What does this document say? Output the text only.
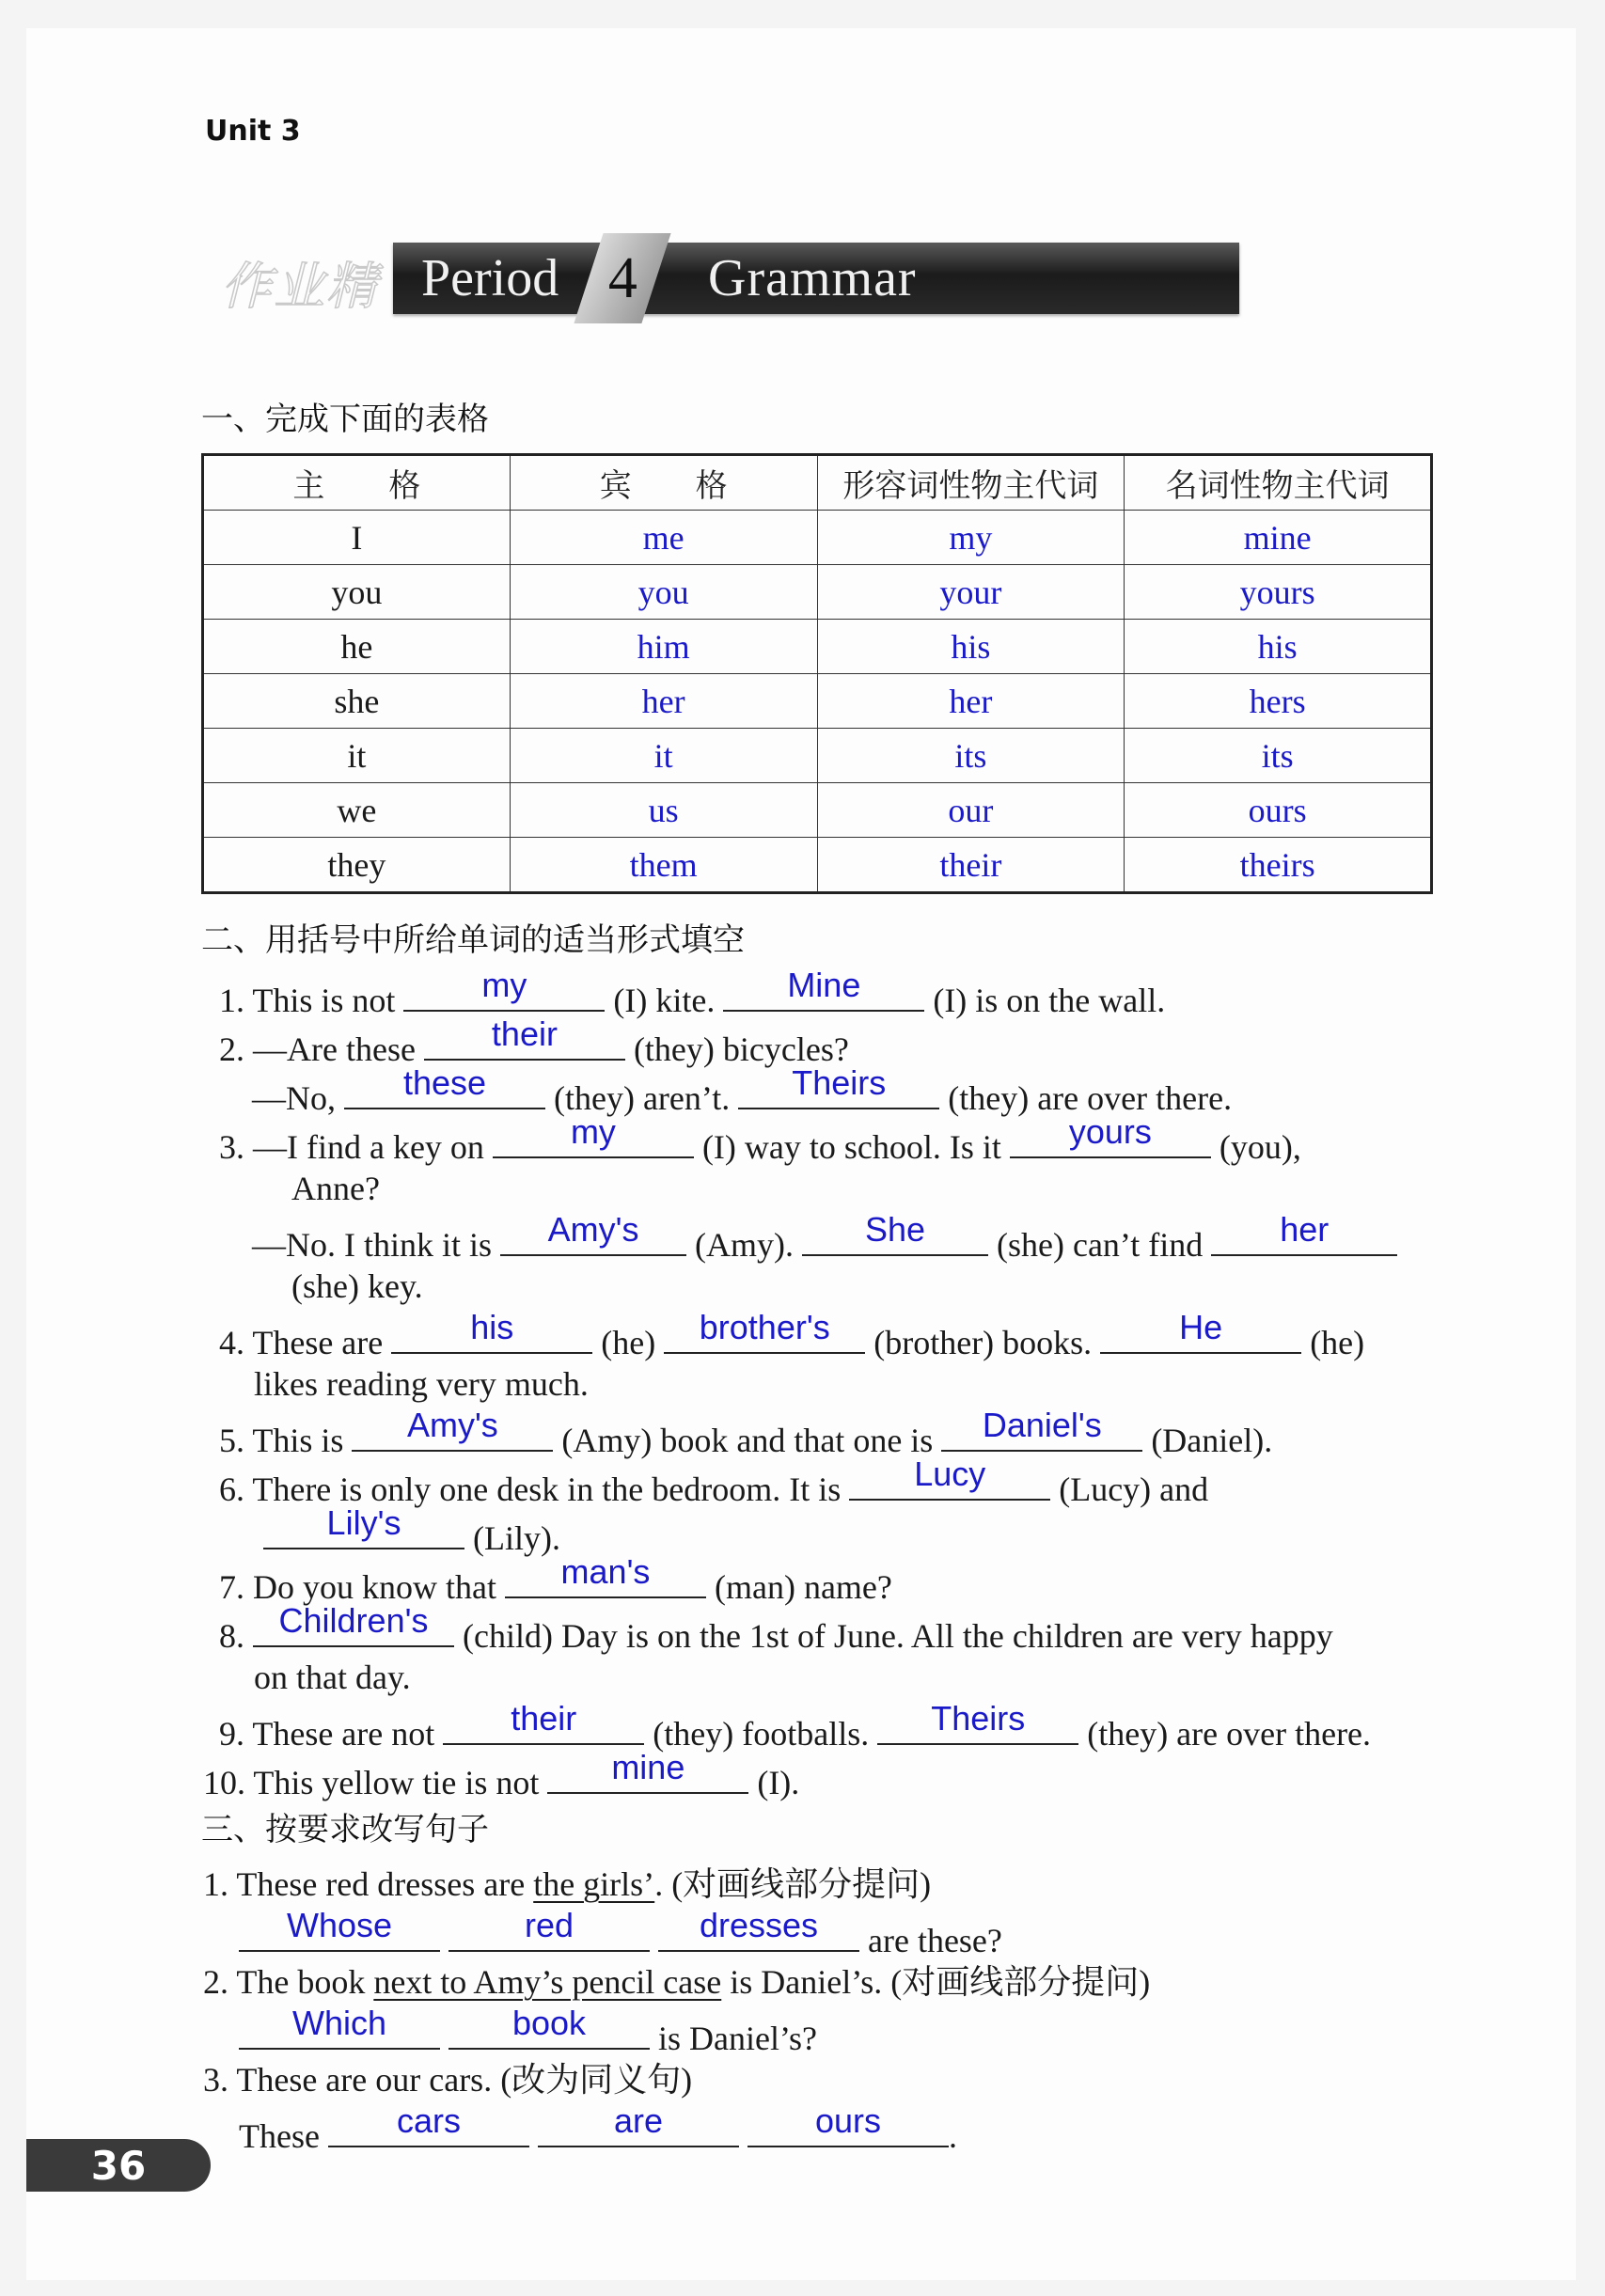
Unit 3
作业精 Period 4 Grammar
一、完成下面的表格
主　　格	宾　　格	形容词性物主代词	名词性物主代词
I	me	my	mine
you	you	your	yours
he	him	his	his
she	her	her	hers
it	it	its	its
we	us	our	ours
they	them	their	theirs
二、用括号中所给单词的适当形式填空
1. This is not	my	(I) kite.	Mine	(I) is on the wall.
2. —Are these	their	(they) bicycles?
—No,	these	(they) aren’t.	Theirs	(they) are over there.
3. —I find a key on	my	(I) way to school. Is it	yours	(you),
Anne?
—No. I think it is	Amy's	(Amy).	She	(she) can’t find	her
(she) key.
4. These are	his	(he)	brother's	(brother) books.	He	(he)
likes reading very much.
5. This is	Amy's	(Amy) book and that one is	Daniel's	(Daniel).
6. There is only one desk in the bedroom. It is	Lucy	(Lucy) and
Lily's	(Lily).
7. Do you know that	man's	(man) name?
8.	Children's	(child) Day is on the 1st of June. All the children are very happy
on that day.
9. These are not	their	(they) footballs.	Theirs	(they) are over there.
10. This yellow tie is not	mine	(I).
三、按要求改写句子
1. These red dresses are the girls’. (对画线部分提问)
Whose
	red
	dresses	are these?
2. The book next to Amy’s pencil case is Daniel’s. (对画线部分提问)
Which
	book	is Daniel’s?
3. These are our cars. (改为同义句)
These	cars
	are
	ours	.
36
